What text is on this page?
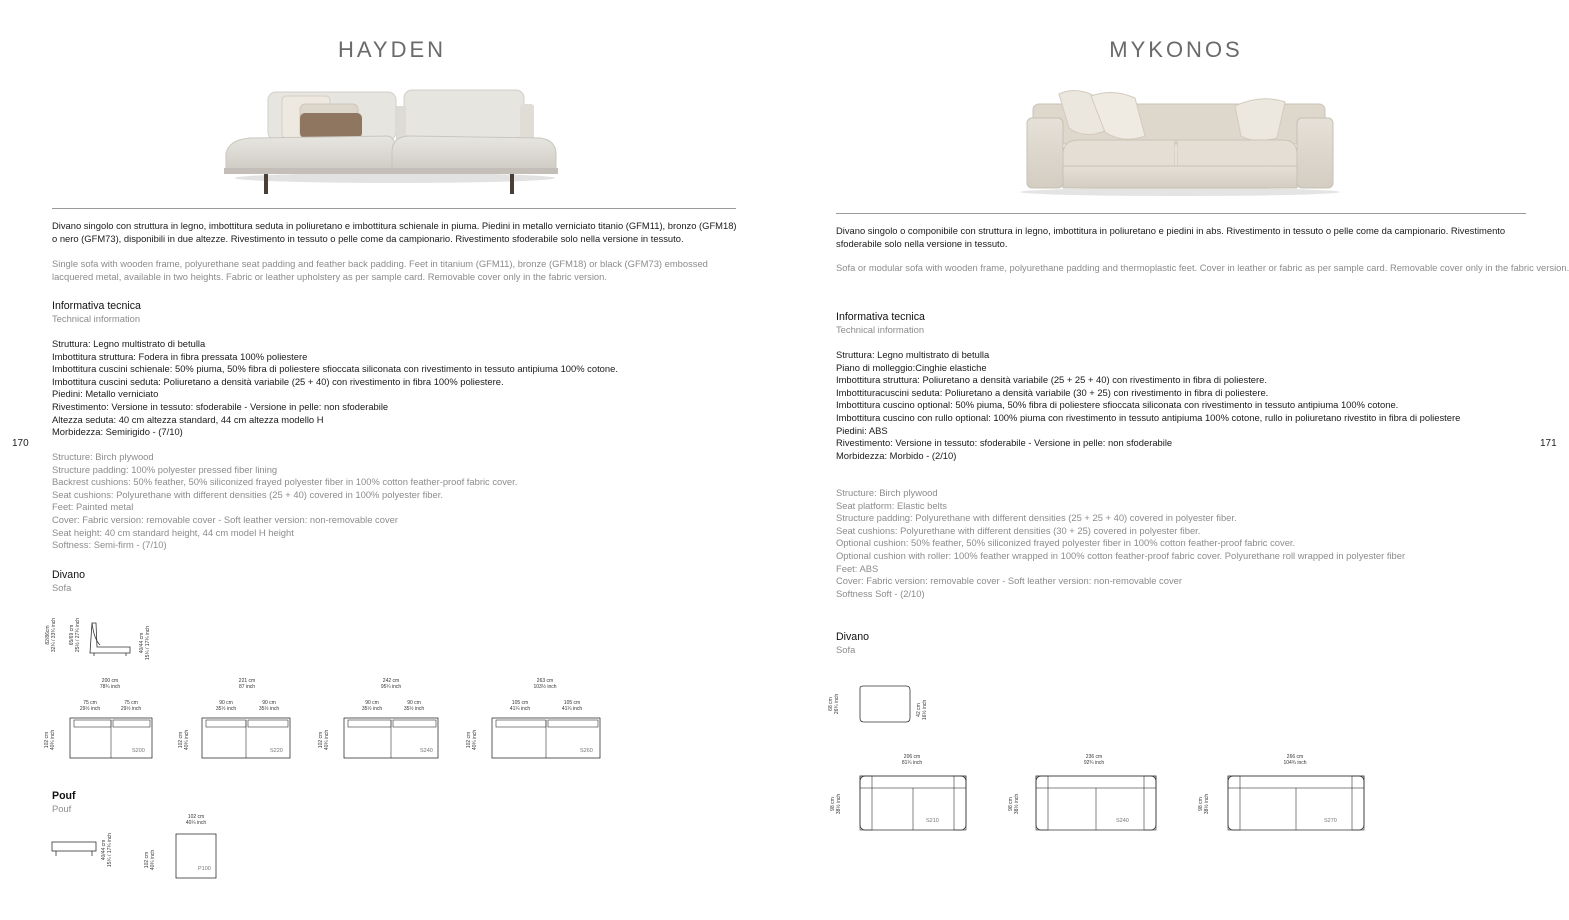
HAYDEN
Divano singolo con struttura in legno, imbottitura seduta in poliuretano e imbottitura schienale in piuma. Piedini in metallo verniciato titanio (GFM11), bronzo (GFM18) o nero (GFM73), disponibili in due altezze. Rivestimento in tessuto o pelle come da campionario. Rivestimento sfoderabile solo nella versione in tessuto.
Single sofa with wooden frame, polyurethane seat padding and feather back padding. Feet in titanium (GFM11), bronze (GFM18) or black (GFM73) embossed lacquered metal, available in two heights. Fabric or leather upholstery as per sample card. Removable cover only in the fabric version.
Informativa tecnica
Technical information
Struttura: Legno multistrato di betulla
Imbottitura struttura: Fodera in fibra pressata 100% poliestere
Imbottitura cuscini schienale: 50% piuma, 50% fibra di poliestere sfioccata siliconata con rivestimento in tessuto antipiuma 100% cotone.
Imbottitura cuscini seduta: Poliuretano a densità variabile (25 + 40) con rivestimento in fibra 100% poliestere.
Piedini: Metallo verniciato
Rivestimento: Versione in tessuto: sfoderabile - Versione in pelle: non sfoderabile
Altezza seduta: 40 cm altezza standard, 44 cm altezza modello H
Morbidezza: Semirigido - (7/10)
Structure: Birch plywood
Structure padding: 100% polyester pressed fiber lining
Backrest cushions: 50% feather, 50% siliconized frayed polyester fiber in 100% cotton feather-proof fabric cover.
Seat cushions: Polyurethane with different densities (25 + 40) covered in 100% polyester fiber.
Feet: Painted metal
Cover: Fabric version: removable cover - Soft leather version: non-removable cover
Seat height: 40 cm standard height, 44 cm model H height
Softness: Semi-firm - (7/10)
170
Divano
Sofa
82/86cm 32¼ / 33¾ inch 65/69 cm 25½ / 27¼ inch	40/44 cm 15¾ / 17¼ inch
200 cm
78¾ inch
75 cm
29½ inch
75 cm
29½ inch
102 cm 40¼ inch
S200
221 cm
87 inch
90 cm
35½ inch
90 cm
35½ inch
102 cm 40¼ inch
S220
242 cm
95¼ inch
90 cm
35½ inch
90 cm
35½ inch
102 cm 40¼ inch
S240
263 cm
103½ inch
105 cm
41¼ inch
105 cm
41¼ inch
102 cm 40¼ inch
S260
Pouf
Pouf
40/44 cm 15¾ / 17¼ inch
102 cm
40¼ inch
102 cm 40¼ inch	P100
MYKONOS
Divano singolo o componibile con struttura in legno, imbottitura in poliuretano e piedini in abs. Rivestimento in tessuto o pelle come da campionario. Rivestimento sfoderabile solo nella versione in tessuto.
Sofa or modular sofa with wooden frame, polyurethane padding and thermoplastic feet. Cover in leather or fabric as per sample card. Removable cover only in the fabric version.
Informativa tecnica
Technical information
Struttura: Legno multistrato di betulla
Piano di molleggio:Cinghie elastiche
Imbottitura struttura: Poliuretano a densità variabile (25 + 25 + 40) con rivestimento in fibra di poliestere.
Imbottituracuscini seduta: Poliuretano a densità variabile (30 + 25) con rivestimento in fibra di poliestere.
Imbottitura cuscino optional: 50% piuma, 50% fibra di poliestere sfioccata siliconata con rivestimento in tessuto antipiuma 100% cotone.
Imbottitura cuscino con rullo optional: 100% piuma con rivestimento in tessuto antipiuma 100% cotone, rullo in poliuretano rivestito in fibra di poliestere
Piedini: ABS
Rivestimento: Versione in tessuto: sfoderabile - Versione in pelle: non sfoderabile
Morbidezza: Morbido - (2/10)
171
Structure: Birch plywood
Seat platform: Elastic belts
Structure padding: Polyurethane with different densities (25 + 25 + 40) covered in polyester fiber.
Seat cushions: Polyurethane with different densities (30 + 25) covered in polyester fiber.
Optional cushion: 50% feather, 50% siliconized frayed polyester fiber in 100% cotton feather-proof fabric cover.
Optional cushion with roller: 100% feather wrapped in 100% cotton feather-proof fabric cover. Polyurethane roll wrapped in polyester fiber
Feet: ABS
Cover: Fabric version: removable cover - Soft leather version: non-removable cover
Softness Soft - (2/10)
Divano
Sofa
68 cm 26¾ inch	42 cm 16½ inch
206 cm
81¼ inch
98 cm 38½ inch
S210
236 cm
92¾ inch
98 cm 38½ inch
S240
266 cm
104¾ inch
98 cm 38½ inch
S270
